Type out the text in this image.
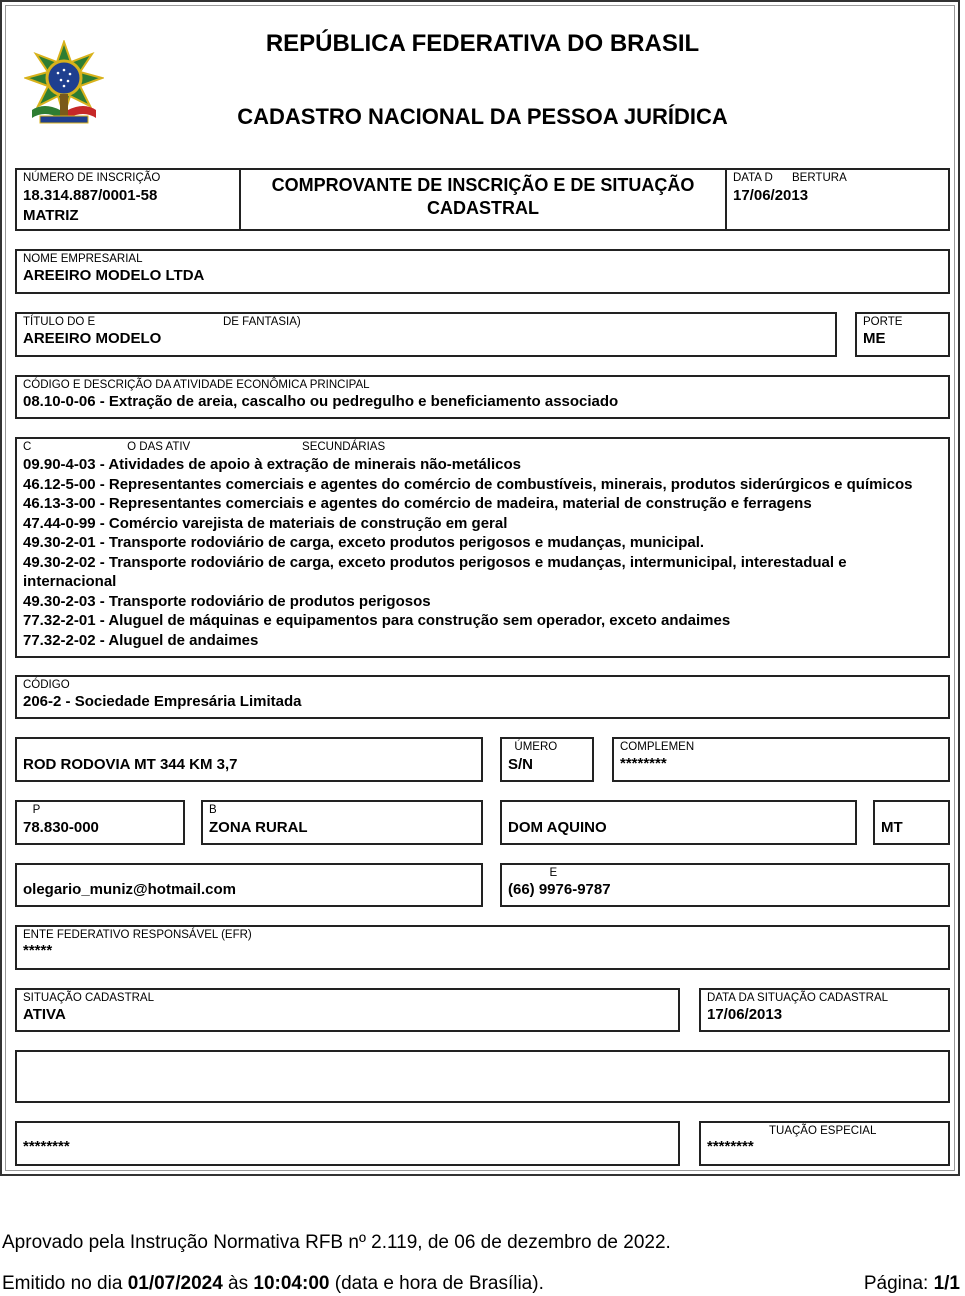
REPÚBLICA FEDERATIVA DO BRASIL
CADASTRO NACIONAL DA PESSOA JURÍDICA
NÚMERO DE INSCRIÇÃO
18.314.887/0001-58
MATRIZ
COMPROVANTE DE INSCRIÇÃO E DE SITUAÇÃO
CADASTRAL
DATA D      BERTURA
17/06/2013
NOME EMPRESARIAL
AREEIRO MODELO LTDA
TÍTULO DO E                                        DE FANTASIA)
AREEIRO MODELO
PORTE
ME
CÓDIGO E DESCRIÇÃO DA ATIVIDADE ECONÔMICA PRINCIPAL
08.10-0-06 - Extração de areia, cascalho ou pedregulho e beneficiamento associado
C                              O DAS ATIV                                   SECUNDÁRIAS
09.90-4-03 - Atividades de apoio à extração de minerais não-metálicos
46.12-5-00 - Representantes comerciais e agentes do comércio de combustíveis, minerais, produtos siderúrgicos e químicos
46.13-3-00 - Representantes comerciais e agentes do comércio de madeira, material de construção e ferragens
47.44-0-99 - Comércio varejista de materiais de construção em geral
49.30-2-01 - Transporte rodoviário de carga, exceto produtos perigosos e mudanças, municipal.
49.30-2-02 - Transporte rodoviário de carga, exceto produtos perigosos e mudanças, intermunicipal, interestadual e internacional
49.30-2-03 - Transporte rodoviário de produtos perigosos
77.32-2-01 - Aluguel de máquinas e equipamentos para construção sem operador, exceto andaimes
77.32-2-02 - Aluguel de andaimes
CÓDIGO
206-2 - Sociedade Empresária Limitada
ROD RODOVIA MT 344 KM 3,7
ÚMERO
S/N
COMPLEMEN
********
P
78.830-000
B
ZONA RURAL	DOM AQUINO	MT
olegario_muniz@hotmail.com
E
(66) 9976-9787
ENTE FEDERATIVO RESPONSÁVEL (EFR)
*****
SITUAÇÃO CADASTRAL
ATIVA
DATA DA SITUAÇÃO CADASTRAL
17/06/2013
********
TUAÇÃO ESPECIAL
********
Aprovado pela Instrução Normativa RFB nº 2.119, de 06 de dezembro de 2022.
Emitido no dia 01/07/2024 às 10:04:00 (data e hora de Brasília).	Página: 1/1
